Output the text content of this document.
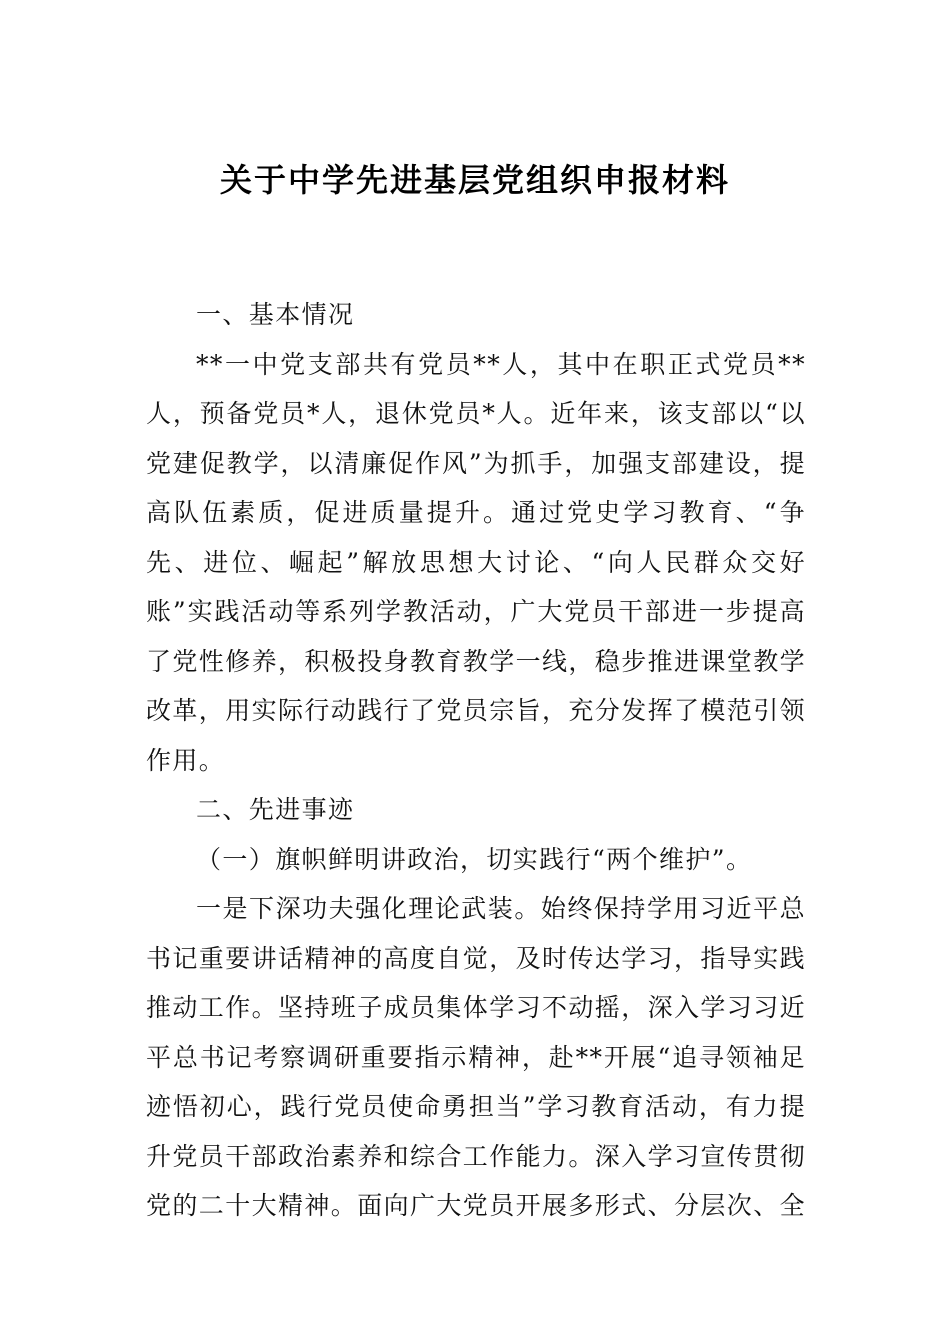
关于中学先进基层党组织申报材料

一、基本情况

**一中党支部共有党员**人，其中在职正式党员**人，预备党员*人，退休党员*人。近年来，该支部以“以党建促教学，以清廉促作风”为抓手，加强支部建设，提高队伍素质，促进质量提升。通过党史学习教育、“争先、进位、崛起”解放思想大讨论、“向人民群众交好账”实践活动等系列学教活动，广大党员干部进一步提高了党性修养，积极投身教育教学一线，稳步推进课堂教学改革，用实际行动践行了党员宗旨，充分发挥了模范引领作用。

二、先进事迹

（一）旗帜鲜明讲政治，切实践行“两个维护”。

一是下深功夫强化理论武装。始终保持学用习近平总书记重要讲话精神的高度自觉，及时传达学习，指导实践推动工作。坚持班子成员集体学习不动摇，深入学习习近平总书记考察调研重要指示精神，赴**开展“追寻领袖足迹悟初心，践行党员使命勇担当”学习教育活动，有力提升党员干部政治素养和综合工作能力。深入学习宣传贯彻党的二十大精神。面向广大党员开展多形式、分层次、全
